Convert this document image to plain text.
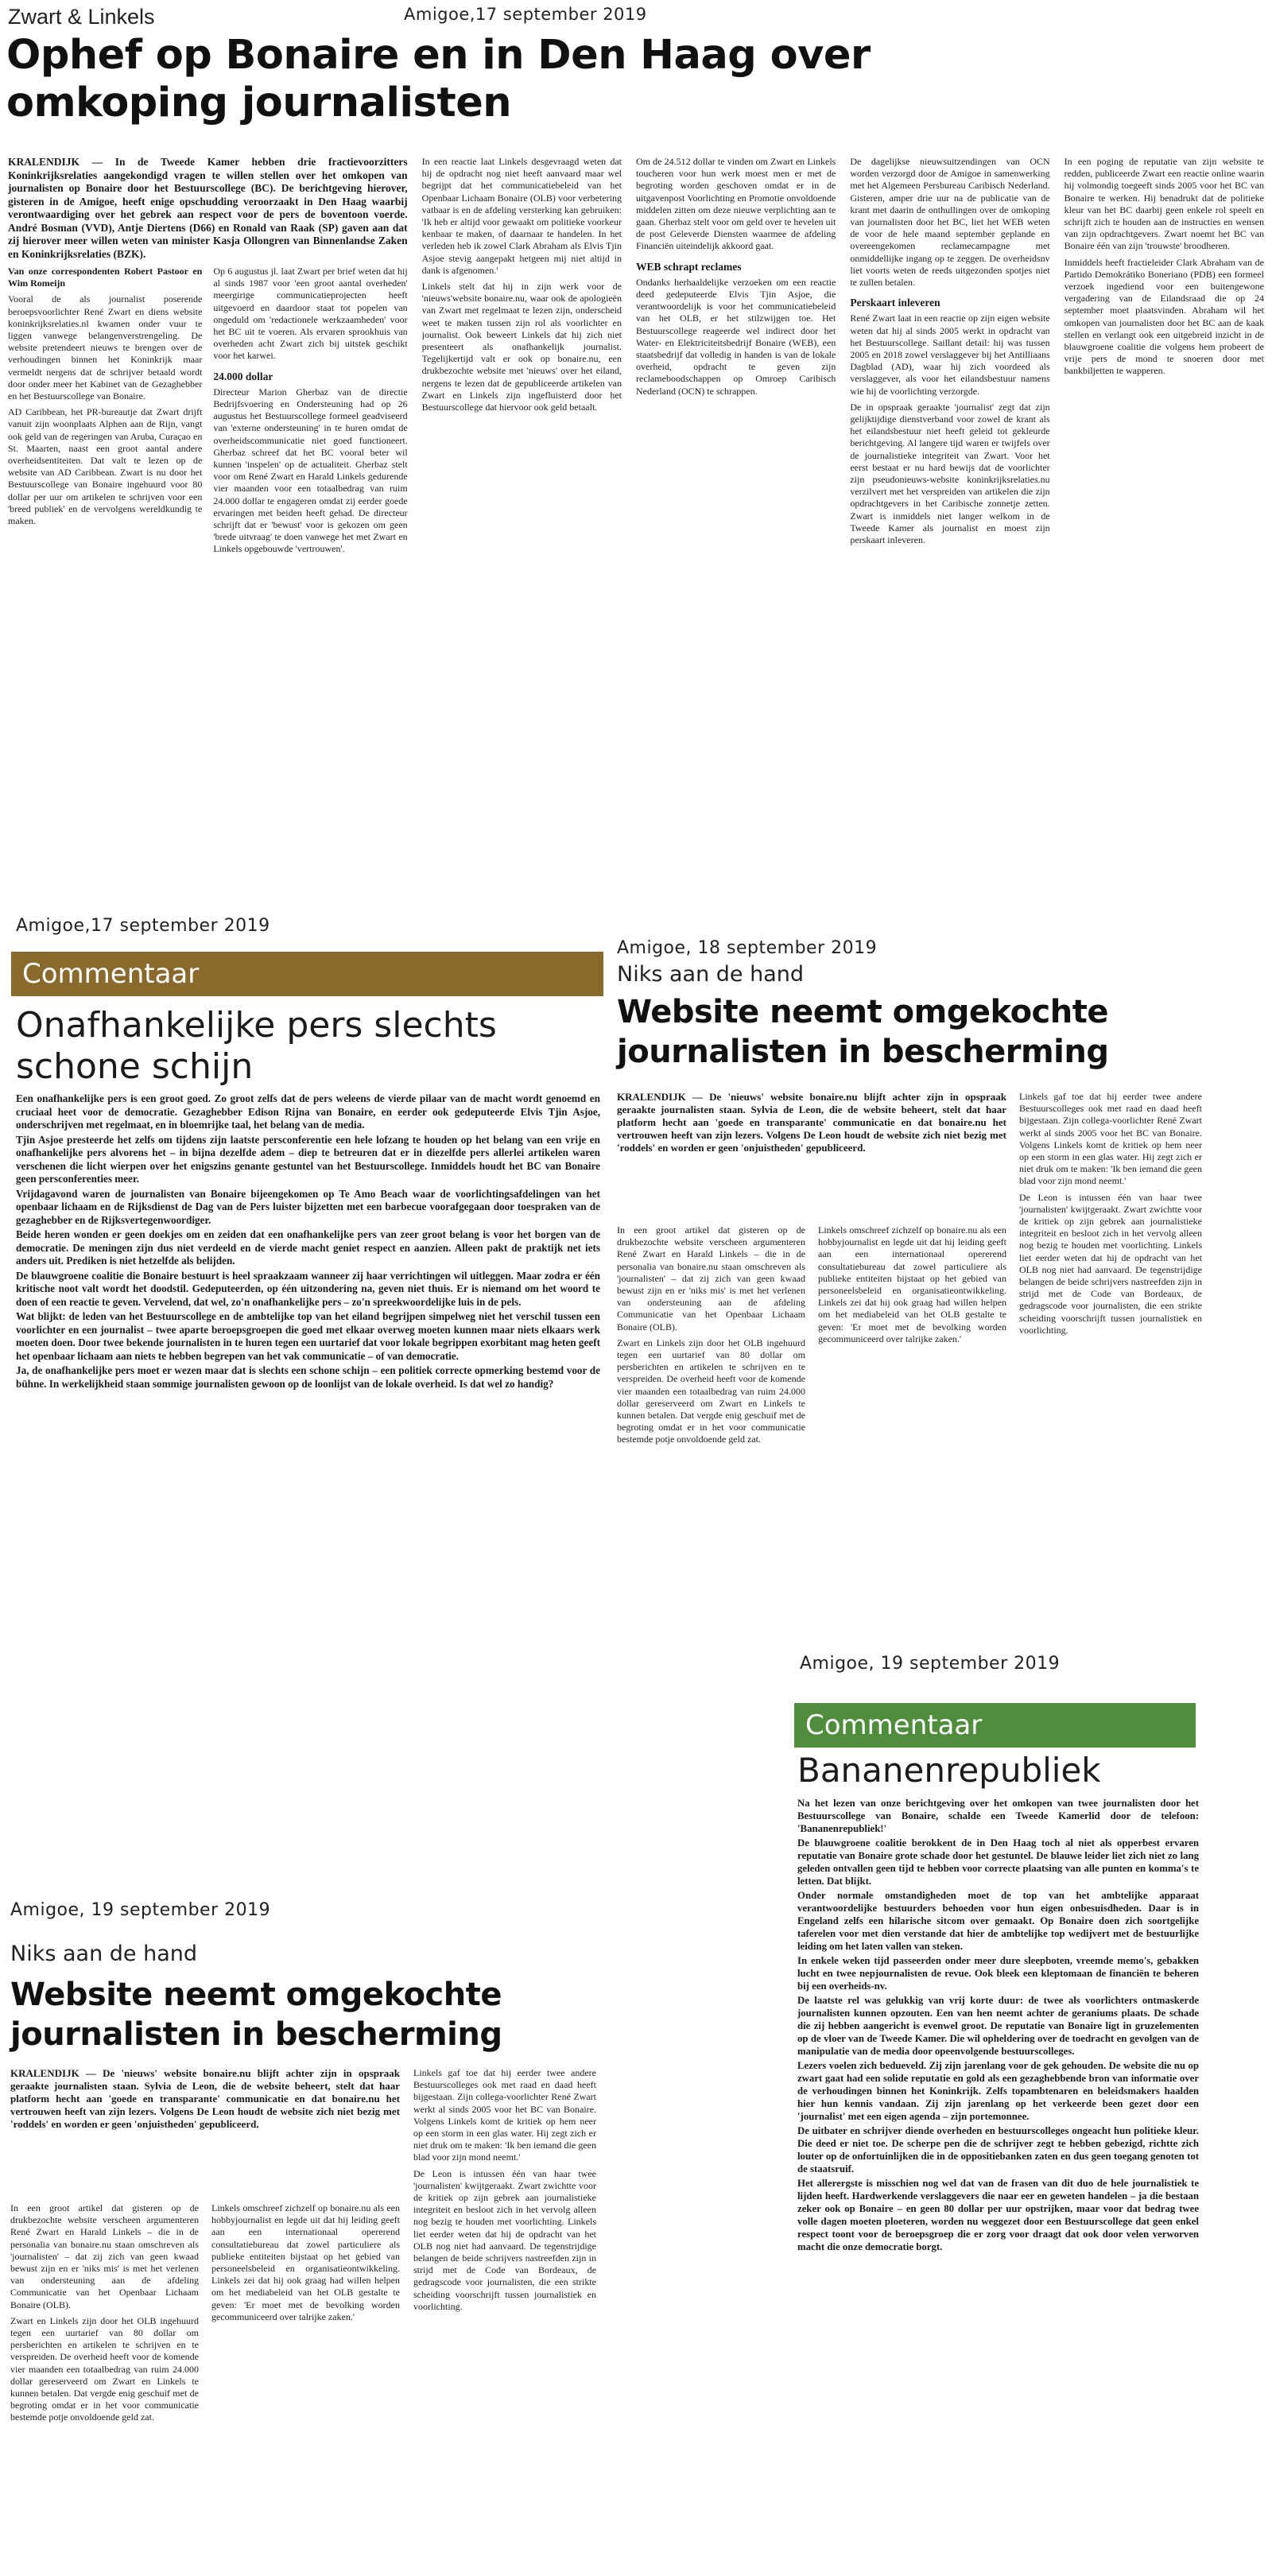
Zwart & Linkels	Amigoe,17 september 2019
Ophef op Bonaire en in Den Haag over omkoping journalisten

KRALENDIJK — In de Tweede Kamer hebben drie fractievoorzitters Koninkrijksrelaties aangekondigd vragen te willen stellen over het omkopen van journalisten op Bonaire door het Bestuurscollege (BC). De berichtgeving hierover, gisteren in de Amigoe, heeft enige opschudding veroorzaakt in Den Haag waarbij verontwaardiging over het gebrek aan respect voor de pers de boventoon voerde. André Bosman (VVD), Antje Diertens (D66) en Ronald van Raak (SP) gaven aan dat zij hierover meer willen weten van minister Kasja Ollongren van Binnenlandse Zaken en Koninkrijksrelaties (BZK).

Van onze correspondenten Robert Pastoor en Wim Romeijn

Vooral de als journalist poserende beroepsvoorlichter René Zwart en diens website koninkrijksrelaties.nl kwamen onder vuur te liggen vanwege belangenverstrengeling. De website pretendeert nieuws te brengen over de verhoudingen binnen het Koninkrijk maar vermeldt nergens dat de schrijver betaald wordt door onder meer het Kabinet van de Gezaghebber en het Bestuurscollege van Bonaire.

AD Caribbean, het PR-bureautje dat Zwart drijft vanuit zijn woonplaats Alphen aan de Rijn, vangt ook geld van de regeringen van Aruba, Curaçao en St. Maarten, naast een groot aantal andere overheidsentiteiten. Dat valt te lezen op de website van AD Caribbean. Zwart is nu door het Bestuurscollege van Bonaire ingehuurd voor 80 dollar per uur om artikelen te schrijven voor een 'breed publiek' en de vervolgens wereldkundig te maken.

Op 6 augustus jl. laat Zwart per brief weten dat hij al sinds 1987 voor 'een groot aantal overheden' meergirige communicatieprojecten heeft uitgevoerd en daardoor staat tot popelen van ongeduld om 'redactionele werkzaamheden' voor het BC uit te voeren. Als ervaren sprookhuis van overheden acht Zwart zich bij uitstek geschikt voor het karwei.

24.000 dollar

Directeur Marion Gherbaz van de directie Bedrijfsvoering en Ondersteuning had op 26 augustus het Bestuurscollege formeel geadviseerd van 'externe ondersteuning' in te huren omdat de overheidscommunicatie niet goed functioneert. Gherbaz schreef dat het BC vooral beter wil kunnen 'inspelen' op de actualiteit. Gherbaz stelt voor om René Zwart en Harald Linkels gedurende vier maanden voor een totaalbedrag van ruim 24.000 dollar te engageren omdat zij eerder goede ervaringen met beiden heeft gehad. De directeur schrijft dat er 'bewust' voor is gekozen om geen 'brede uitvraag' te doen vanwege het met Zwart en Linkels opgebouwde 'vertrouwen'.

In een reactie laat Linkels desgevraagd weten dat hij de opdracht nog niet heeft aanvaard maar wel begrijpt dat het communicatiebeleid van het Openbaar Lichaam Bonaire (OLB) voor verbetering vatbaar is en de afdeling versterking kan gebruiken: 'Ik heb er altijd voor gewaakt om politieke voorkeur kenbaar te maken, of daarnaar te handelen. In het verleden heb ik zowel Clark Abraham als Elvis Tjin Asjoe stevig aangepakt hetgeen mij niet altijd in dank is afgenomen.'

Linkels stelt dat hij in zijn werk voor de 'nieuws'website bonaire.nu, waar ook de apologieën van Zwart met regelmaat te lezen zijn, onderscheid weet te maken tussen zijn rol als voorlichter en journalist. Ook beweert Linkels dat hij zich niet presenteert als onafhankelijk journalist. Tegelijkertijd valt er ook op bonaire.nu, een drukbezochte website met 'nieuws' over het eiland, nergens te lezen dat de gepubliceerde artikelen van Zwart en Linkels zijn ingefluisterd door het Bestuurscollege dat hiervoor ook geld betaalt.

Om de 24.512 dollar te vinden om Zwart en Linkels toucheren voor hun werk moest men er met de begroting worden geschoven omdat er in de uitgavenpost Voorlichting en Promotie onvoldoende middelen zitten om deze nieuwe verplichting aan te gaan. Gherbaz stelt voor om geld over te hevelen uit de post Geleverde Diensten waarmee de afdeling Financiën uiteindelijk akkoord gaat.

WEB schrapt reclames

Ondanks herhaaldelijke verzoeken om een reactie deed gedeputeerde Elvis Tjin Asjoe, die verantwoordelijk is voor het communicatiebeleid van het OLB, er het stilzwijgen toe. Het Bestuurscollege reageerde wel indirect door het Water- en Elektriciteitsbedrijf Bonaire (WEB), een staatsbedrijf dat volledig in handen is van de lokale overheid, opdracht te geven zijn reclameboodschappen op Omroep Caribisch Nederland (OCN) te schrappen.

De dagelijkse nieuwsuitzendingen van OCN worden verzorgd door de Amigoe in samenwerking met het Algemeen Persbureau Caribisch Nederland. Gisteren, amper drie uur na de publicatie van de krant met daarin de onthullingen over de omkoping van journalisten door het BC, liet het WEB weten de voor de hele maand september geplande en overeengekomen reclamecampagne met onmiddellijke ingang op te zeggen. De overheidsnv liet voorts weten de reeds uitgezonden spotjes niet te zullen betalen.

Perskaart inleveren

René Zwart laat in een reactie op zijn eigen website weten dat hij al sinds 2005 werkt in opdracht van het Bestuurscollege. Saillant detail: hij was tussen 2005 en 2018 zowel verslaggever bij het Antilliaans Dagblad (AD), waar hij zich voordeed als verslaggever, als voor het eilandsbestuur namens wie hij de voorlichting verzorgde.

De in opspraak geraakte 'journalist' zegt dat zijn gelijktijdige dienstverband voor zowel de krant als het eilandsbestuur niet heeft geleid tot gekleurde berichtgeving. Al langere tijd waren er twijfels over de journalistieke integriteit van Zwart. Voor het eerst bestaat er nu hard bewijs dat de voorlichter zijn pseudonieuws-website koninkrijksrelaties.nu verzilvert met het verspreiden van artikelen die zijn opdrachtgevers in het Caribische zonnetje zetten. Zwart is inmiddels niet langer welkom in de Tweede Kamer als journalist en moest zijn perskaart inleveren.

In een poging de reputatie van zijn website te redden, publiceerde Zwart een reactie online waarin hij volmondig toegeeft sinds 2005 voor het BC van Bonaire te werken. Hij benadrukt dat de politieke kleur van het BC daarbij geen enkele rol speelt en schrijft zich te houden aan de instructies en wensen van zijn opdrachtgevers. Zwart noemt het BC van Bonaire één van zijn 'trouwste' broodheren.

Inmiddels heeft fractieleider Clark Abraham van de Partido Demokrátiko Boneriano (PDB) een formeel verzoek ingediend voor een buitengewone vergadering van de Eilandsraad die op 24 september moet plaatsvinden. Abraham wil het omkopen van journalisten door het BC aan de kaak stellen en verlangt ook een uitgebreid inzicht in de blauwgroene coalitie die volgens hem probeert de vrije pers de mond te snoeren door met bankbiljetten te wapperen.

Amigoe,17 september 2019
Commentaar
Onafhankelijke pers slechts schone schijn

Een onafhankelijke pers is een groot goed. Zo groot zelfs dat de pers weleens de vierde pilaar van de macht wordt genoemd en cruciaal heet voor de democratie. Gezaghebber Edison Rijna van Bonaire, en eerder ook gedeputeerde Elvis Tjin Asjoe, onderschrijven met regelmaat, en in bloemrijke taal, het belang van de media.

Tjin Asjoe presteerde het zelfs om tijdens zijn laatste persconferentie een hele lofzang te houden op het belang van een vrije en onafhankelijke pers alvorens het – in bijna dezelfde adem – diep te betreuren dat er in diezelfde pers allerlei artikelen waren verschenen die licht wierpen over het enigszins genante gestuntel van het Bestuurscollege. Inmiddels houdt het BC van Bonaire geen persconferenties meer.

Vrijdagavond waren de journalisten van Bonaire bijeengekomen op Te Amo Beach waar de voorlichtingsafdelingen van het openbaar lichaam en de Rijksdienst de Dag van de Pers luister bijzetten met een barbecue voorafgegaan door toespraken van de gezaghebber en de Rijksvertegenwoordiger.

Beide heren wonden er geen doekjes om en zeiden dat een onafhankelijke pers van zeer groot belang is voor het borgen van de democratie. De meningen zijn dus niet verdeeld en de vierde macht geniet respect en aanzien. Alleen pakt de praktijk net iets anders uit. Prediken is niet hetzelfde als belijden.

De blauwgroene coalitie die Bonaire bestuurt is heel spraakzaam wanneer zij haar verrichtingen wil uitleggen. Maar zodra er één kritische noot valt wordt het doodstil. Gedeputeerden, op één uitzondering na, geven niet thuis. Er is niemand om het woord te doen of een reactie te geven. Vervelend, dat wel, zo'n onafhankelijke pers – zo'n spreekwoordelijke luis in de pels.

Wat blijkt: de leden van het Bestuurscollege en de ambtelijke top van het eiland begrijpen simpelweg niet het verschil tussen een voorlichter en een journalist – twee aparte beroepsgroepen die goed met elkaar overweg moeten kunnen maar niets elkaars werk moeten doen. Door twee bekende journalisten in te huren tegen een uurtarief dat voor lokale begrippen exorbitant mag heten geeft het openbaar lichaam aan niets te hebben begrepen van het vak communicatie – of van democratie.

Ja, de onafhankelijke pers moet er wezen maar dat is slechts een schone schijn – een politiek correcte opmerking bestemd voor de bühne. In werkelijkheid staan sommige journalisten gewoon op de loonlijst van de lokale overheid. Is dat wel zo handig?

Amigoe, 18 september 2019
Niks aan de hand
Website neemt omgekochte journalisten in bescherming
KRALENDIJK — De 'nieuws' website bonaire.nu blijft achter zijn in opspraak geraakte journalisten staan. Sylvia de Leon, die de website beheert, stelt dat haar platform hecht aan 'goede en transparante' communicatie en dat bonaire.nu het vertrouwen heeft van zijn lezers. Volgens De Leon houdt de website zich niet bezig met 'roddels' en worden er geen 'onjuistheden' gepubliceerd.

In een groot artikel dat gisteren op de drukbezochte website verscheen argumenteren René Zwart en Harald Linkels – die in de personalia van bonaire.nu staan omschreven als 'journalisten' – dat zij zich van geen kwaad bewust zijn en er 'niks mis' is met het verlenen van ondersteuning aan de afdeling Communicatie van het Openbaar Lichaam Bonaire (OLB).

Zwart en Linkels zijn door het OLB ingehuurd tegen een uurtarief van 80 dollar om persberichten en artikelen te schrijven en te verspreiden. De overheid heeft voor de komende vier maanden een totaalbedrag van ruim 24.000 dollar gereserveerd om Zwart en Linkels te kunnen betalen. Dat vergde enig geschuif met de begroting omdat er in het voor communicatie bestemde potje onvoldoende geld zat.

Linkels omschreef zichzelf op bonaire.nu als een hobbyjournalist en legde uit dat hij leiding geeft aan een internationaal opererend consultatiebureau dat zowel particuliere als publieke entiteiten bijstaat op het gebied van personeelsbeleid en organisatieontwikkeling. Linkels zei dat hij ook graag had willen helpen om het mediabeleid van het OLB gestalte te geven: 'Er moet met de bevolking worden gecommuniceerd over talrijke zaken.'

Linkels gaf toe dat hij eerder twee andere Bestuurscolleges ook met raad en daad heeft bijgestaan. Zijn collega-voorlichter René Zwart werkt al sinds 2005 voor het BC van Bonaire. Volgens Linkels komt de kritiek op hem neer op een storm in een glas water. Hij zegt zich er niet druk om te maken: 'Ik ben iemand die geen blad voor zijn mond neemt.'

De Leon is intussen één van haar twee 'journalisten' kwijtgeraakt. Zwart zwichtte voor de kritiek op zijn gebrek aan journalistieke integriteit en besloot zich in het vervolg alleen nog bezig te houden met voorlichting. Linkels liet eerder weten dat hij de opdracht van het OLB nog niet had aanvaard. De tegenstrijdige belangen de beide schrijvers nastreefden zijn in strijd met de Code van Bordeaux, de gedragscode voor journalisten, die een strikte scheiding voorschrijft tussen journalistiek en voorlichting.

Amigoe, 19 september 2019
Commentaar
Bananenrepubliek

Na het lezen van onze berichtgeving over het omkopen van twee journalisten door het Bestuurscollege van Bonaire, schalde een Tweede Kamerlid door de telefoon: 'Bananenrepubliek!'

De blauwgroene coalitie berokkent de in Den Haag toch al niet als opperbest ervaren reputatie van Bonaire grote schade door het gestuntel. De blauwe leider liet zich niet zo lang geleden ontvallen geen tijd te hebben voor correcte plaatsing van alle punten en komma's te letten. Dat blijkt.

Onder normale omstandigheden moet de top van het ambtelijke apparaat verantwoordelijke bestuurders behoeden voor hun eigen onbesuisdheden. Daar is in Engeland zelfs een hilarische sitcom over gemaakt. Op Bonaire doen zich soortgelijke taferelen voor met dien verstande dat hier de ambtelijke top wedijvert met de bestuurlijke leiding om het laten vallen van steken.

In enkele weken tijd passeerden onder meer dure sleepboten, vreemde memo's, gebakken lucht en twee nepjournalisten de revue. Ook bleek een kleptomaan de financiën te beheren bij een overheids-nv.

De laatste rel was gelukkig van vrij korte duur: de twee als voorlichters ontmaskerde journalisten kunnen opzouten. Een van hen neemt achter de geraniums plaats. De schade die zij hebben aangericht is evenwel groot. De reputatie van Bonaire ligt in gruzelementen op de vloer van de Tweede Kamer. Die wil opheldering over de toedracht en gevolgen van de manipulatie van de media door opeenvolgende bestuurscolleges.

Lezers voelen zich bedueveld. Zij zijn jarenlang voor de gek gehouden. De website die nu op zwart gaat had een solide reputatie en gold als een gezaghebbende bron van informatie over de verhoudingen binnen het Koninkrijk. Zelfs topambtenaren en beleidsmakers haalden hier hun kennis vandaan. Zij zijn jarenlang op het verkeerde been gezet door een 'journalist' met een eigen agenda – zijn portemonnee.

De uitbater en schrijver diende overheden en bestuurscolleges ongeacht hun politieke kleur. Die deed er niet toe. De scherpe pen die de schrijver zegt te hebben gebezigd, richtte zich louter op de onfortuinlijken die in de oppositiebanken zaten en dus geen toegang genoten tot de staatsruif.

Het allerergste is misschien nog wel dat van de frasen van dit duo de hele journalistiek te lijden heeft. Hardwerkende verslaggevers die naar eer en geweten handelen – ja die bestaan zeker ook op Bonaire – en geen 80 dollar per uur opstrijken, maar voor dat bedrag twee volle dagen moeten ploeteren, worden nu weggezet door een Bestuurscollege dat geen enkel respect toont voor de beroepsgroep die er zorg voor draagt dat ook door velen verworven macht die onze democratie borgt.

Amigoe, 19 september 2019
Niks aan de hand
Website neemt omgekochte journalisten in bescherming
KRALENDIJK — De 'nieuws' website bonaire.nu blijft achter zijn in opspraak geraakte journalisten staan. Sylvia de Leon, die de website beheert, stelt dat haar platform hecht aan 'goede en transparante' communicatie en dat bonaire.nu het vertrouwen heeft van zijn lezers. Volgens De Leon houdt de website zich niet bezig met 'roddels' en worden er geen 'onjuistheden' gepubliceerd.

In een groot artikel dat gisteren op de drukbezochte website verscheen argumenteren René Zwart en Harald Linkels – die in de personalia van bonaire.nu staan omschreven als 'journalisten' – dat zij zich van geen kwaad bewust zijn en er 'niks mis' is met het verlenen van ondersteuning aan de afdeling Communicatie van het Openbaar Lichaam Bonaire (OLB).

Zwart en Linkels zijn door het OLB ingehuurd tegen een uurtarief van 80 dollar om persberichten en artikelen te schrijven en te verspreiden. De overheid heeft voor de komende vier maanden een totaalbedrag van ruim 24.000 dollar gereserveerd om Zwart en Linkels te kunnen betalen. Dat vergde enig geschuif met de begroting omdat er in het voor communicatie bestemde potje onvoldoende geld zat.

Linkels omschreef zichzelf op bonaire.nu als een hobbyjournalist en legde uit dat hij leiding geeft aan een internationaal opererend consultatiebureau dat zowel particuliere als publieke entiteiten bijstaat op het gebied van personeelsbeleid en organisatieontwikkeling. Linkels zei dat hij ook graag had willen helpen om het mediabeleid van het OLB gestalte te geven: 'Er moet met de bevolking worden gecommuniceerd over talrijke zaken.'

Linkels gaf toe dat hij eerder twee andere Bestuurscolleges ook met raad en daad heeft bijgestaan. Zijn collega-voorlichter René Zwart werkt al sinds 2005 voor het BC van Bonaire. Volgens Linkels komt de kritiek op hem neer op een storm in een glas water. Hij zegt zich er niet druk om te maken: 'Ik ben iemand die geen blad voor zijn mond neemt.'

De Leon is intussen één van haar twee 'journalisten' kwijtgeraakt. Zwart zwichtte voor de kritiek op zijn gebrek aan journalistieke integriteit en besloot zich in het vervolg alleen nog bezig te houden met voorlichting. Linkels liet eerder weten dat hij de opdracht van het OLB nog niet had aanvaard. De tegenstrijdige belangen de beide schrijvers nastreefden zijn in strijd met de Code van Bordeaux, de gedragscode voor journalisten, die een strikte scheiding voorschrijft tussen journalistiek en voorlichting.
